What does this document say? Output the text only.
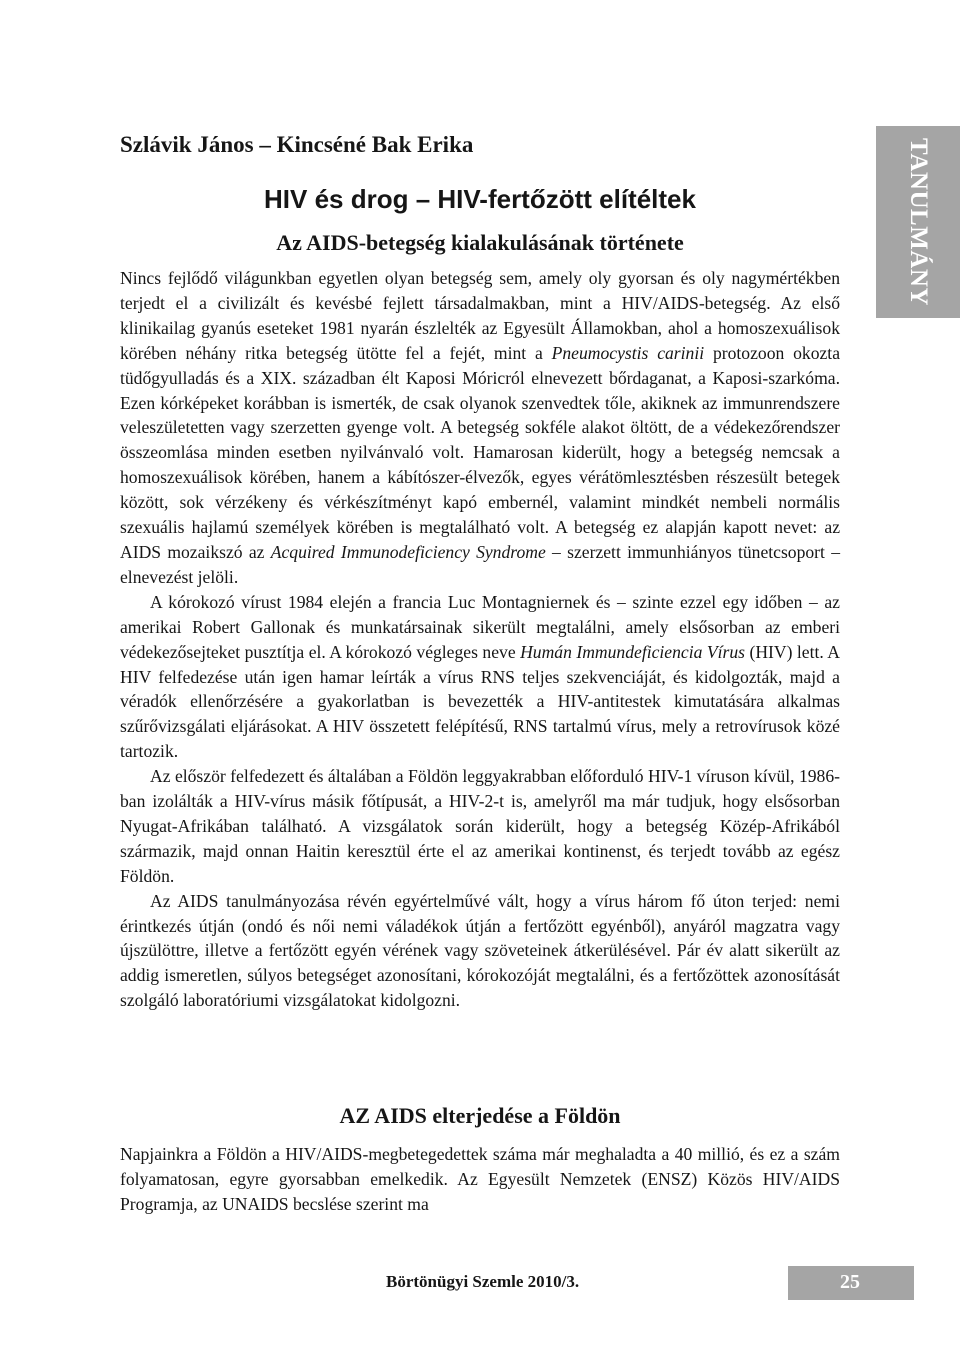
Szlávik János – Kincséné Bak Erika
HIV és drog – HIV-fertőzött elítéltek
Az AIDS-betegség kialakulásának története	TANULMÁNY

Nincs fejlődő világunkban egyetlen olyan betegség sem, amely oly gyorsan és oly nagymértékben terjedt el a civilizált és kevésbé fejlett társadalmakban, mint a HIV/AIDS-betegség. Az első klinikailag gyanús eseteket 1981 nyarán észlelték az Egyesült Államokban, ahol a homoszexuálisok körében néhány ritka betegség ütötte fel a fejét, mint a Pneumocystis carinii protozoon okozta tüdőgyulladás és a XIX. században élt Kaposi Móricról elnevezett bőrdaganat, a Kaposi-szarkóma. Ezen kórképeket korábban is ismerték, de csak olyanok szenvedtek tőle, akiknek az immunrendszere veleszületetten vagy szerzetten gyenge volt. A betegség sokféle alakot öltött, de a védekezőrendszer összeomlása minden esetben nyilvánvaló volt. Hamarosan kiderült, hogy a betegség nemcsak a homoszexuálisok körében, hanem a kábítószer-élvezők, egyes vérátömlesztésben részesült betegek között, sok vérzékeny és vérkészítményt kapó embernél, valamint mindkét nembeli normális szexuális hajlamú személyek körében is megtalálható volt. A betegség ez alapján kapott nevet: az AIDS mozaikszó az Acquired Immunodeficiency Syndrome – szerzett immunhiányos tünetcsoport – elnevezést jelöli.

A kórokozó vírust 1984 elején a francia Luc Montagniernek és – szinte ezzel egy időben – az amerikai Robert Gallonak és munkatársainak sikerült megtalálni, amely elsősorban az emberi védekezősejteket pusztítja el. A kórokozó végleges neve Humán Immundeficiencia Vírus (HIV) lett. A HIV felfedezése után igen hamar leírták a vírus RNS teljes szekvenciáját, és kidolgozták, majd a véradók ellenőrzésére a gyakorlatban is bevezették a HIV-antitestek kimutatására alkalmas szűrővizsgálati eljárásokat. A HIV összetett felépítésű, RNS tartalmú vírus, mely a retrovírusok közé tartozik.

Az először felfedezett és általában a Földön leggyakrabban előforduló HIV-1 víruson kívül, 1986-ban izolálták a HIV-vírus másik főtípusát, a HIV-2-t is, amelyről ma már tudjuk, hogy elsősorban Nyugat-Afrikában található. A vizsgálatok során kiderült, hogy a betegség Közép-Afrikából származik, majd onnan Haitin keresztül érte el az amerikai kontinenst, és terjedt tovább az egész Földön.

Az AIDS tanulmányozása révén egyértelművé vált, hogy a vírus három fő úton terjed: nemi érintkezés útján (ondó és női nemi váladékok útján a fertőzött egyénből), anyáról magzatra vagy újszülöttre, illetve a fertőzött egyén vérének vagy szöveteinek átkerülésével. Pár év alatt sikerült az addig ismeretlen, súlyos betegséget azonosítani, kórokozóját megtalálni, és a fertőzöttek azonosítását szolgáló laboratóriumi vizsgálatokat kidolgozni.

AZ AIDS elterjedése a Földön

Napjainkra a Földön a HIV/AIDS-megbetegedettek száma már meghaladta a 40 millió, és ez a szám folyamatosan, egyre gyorsabban emelkedik. Az Egyesült Nemzetek (ENSZ) Közös HIV/AIDS Programja, az UNAIDS becslése szerint ma

Börtönügyi Szemle 2010/3.	25
